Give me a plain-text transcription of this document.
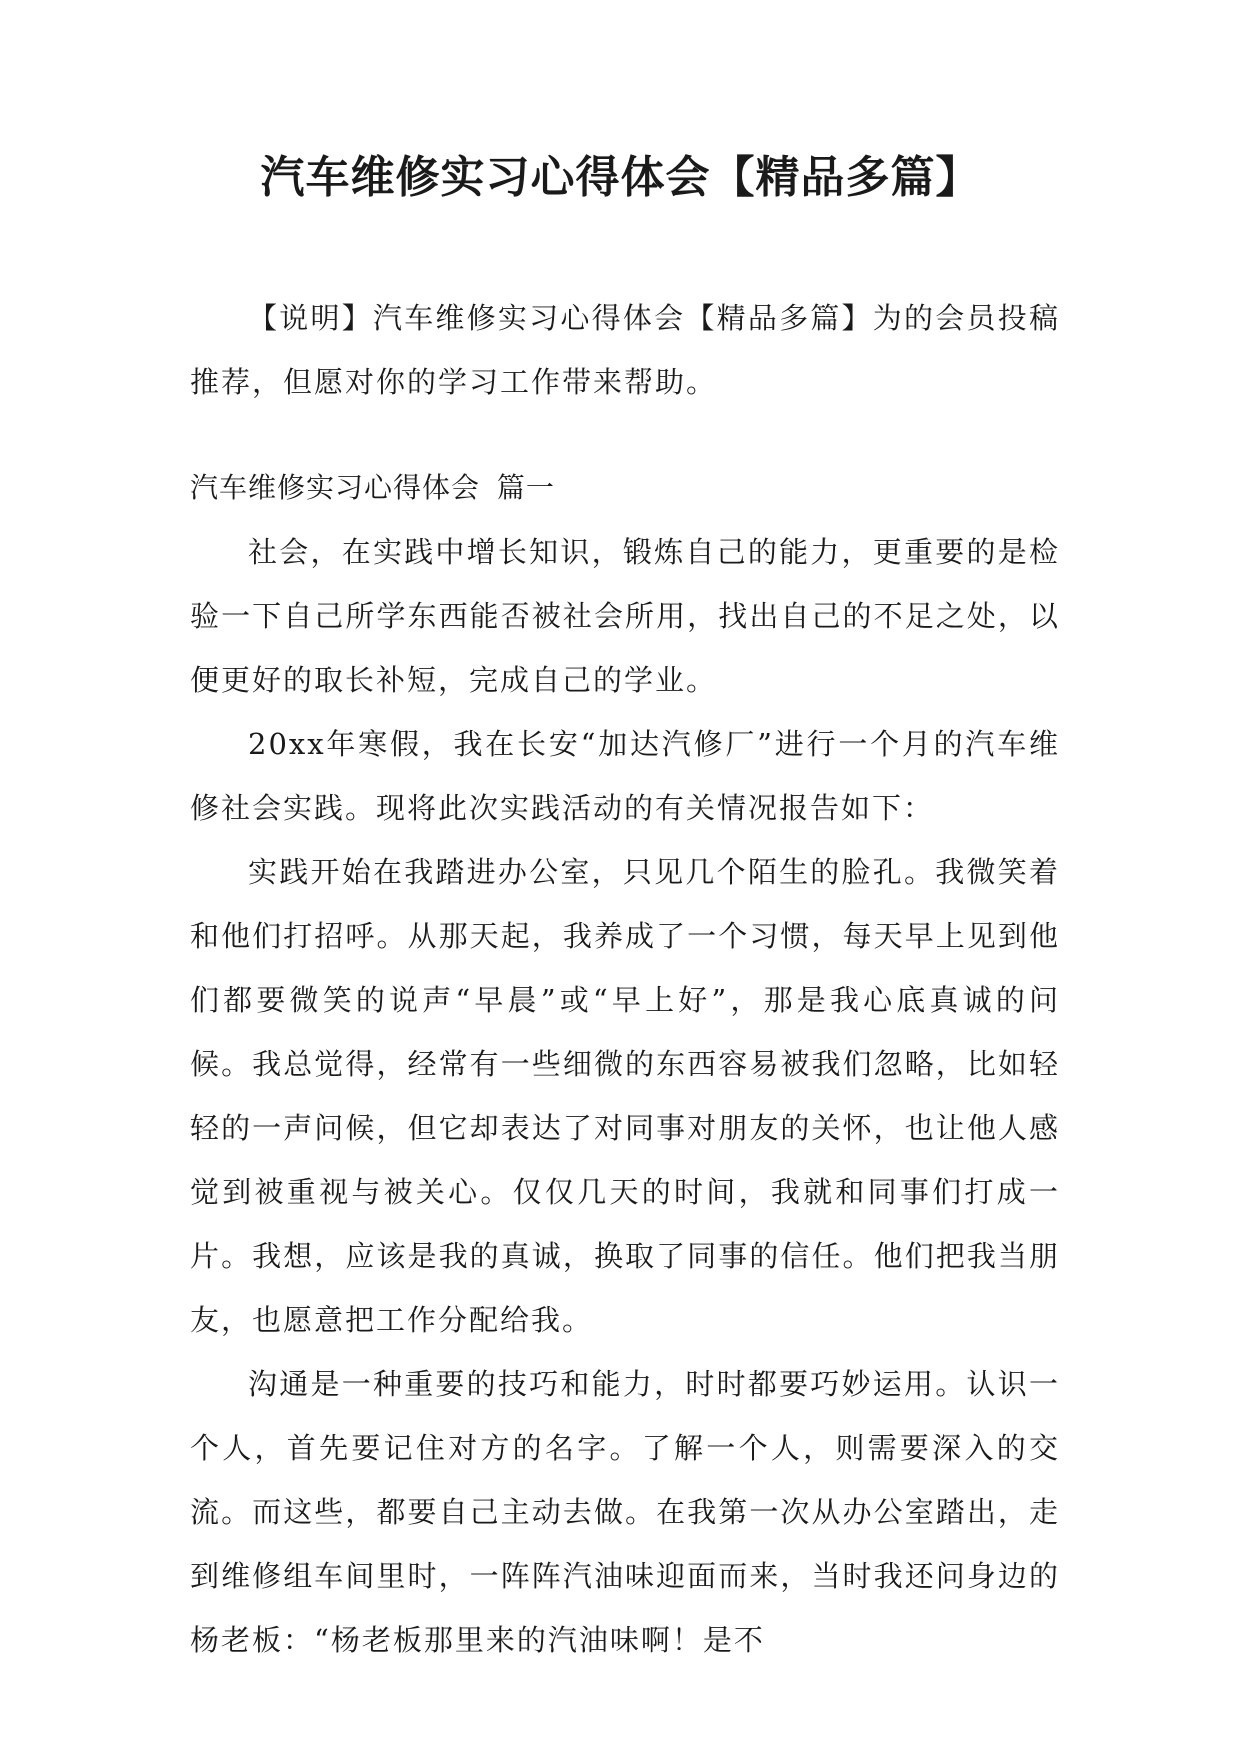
汽车维修实习心得体会【精品多篇】

【说明】汽车维修实习心得体会【精品多篇】为的会员投稿推荐，但愿对你的学习工作带来帮助。

汽车维修实习心得体会 篇一

社会，在实践中增长知识，锻炼自己的能力，更重要的是检验一下自己所学东西能否被社会所用，找出自己的不足之处，以便更好的取长补短，完成自己的学业。

20xx年寒假，我在长安“加达汽修厂”进行一个月的汽车维修社会实践。现将此次实践活动的有关情况报告如下：

实践开始在我踏进办公室，只见几个陌生的脸孔。我微笑着和他们打招呼。从那天起，我养成了一个习惯，每天早上见到他们都要微笑的说声“早晨”或“早上好”，那是我心底真诚的问候。我总觉得，经常有一些细微的东西容易被我们忽略，比如轻轻的一声问候，但它却表达了对同事对朋友的关怀，也让他人感觉到被重视与被关心。仅仅几天的时间，我就和同事们打成一片。我想，应该是我的真诚，换取了同事的信任。他们把我当朋友，也愿意把工作分配给我。

沟通是一种重要的技巧和能力，时时都要巧妙运用。认识一个人，首先要记住对方的名字。了解一个人，则需要深入的交流。而这些，都要自己主动去做。在我第一次从办公室踏出，走到维修组车间里时，一阵阵汽油味迎面而来，当时我还问身边的杨老板：“杨老板那里来的汽油味啊！是不
